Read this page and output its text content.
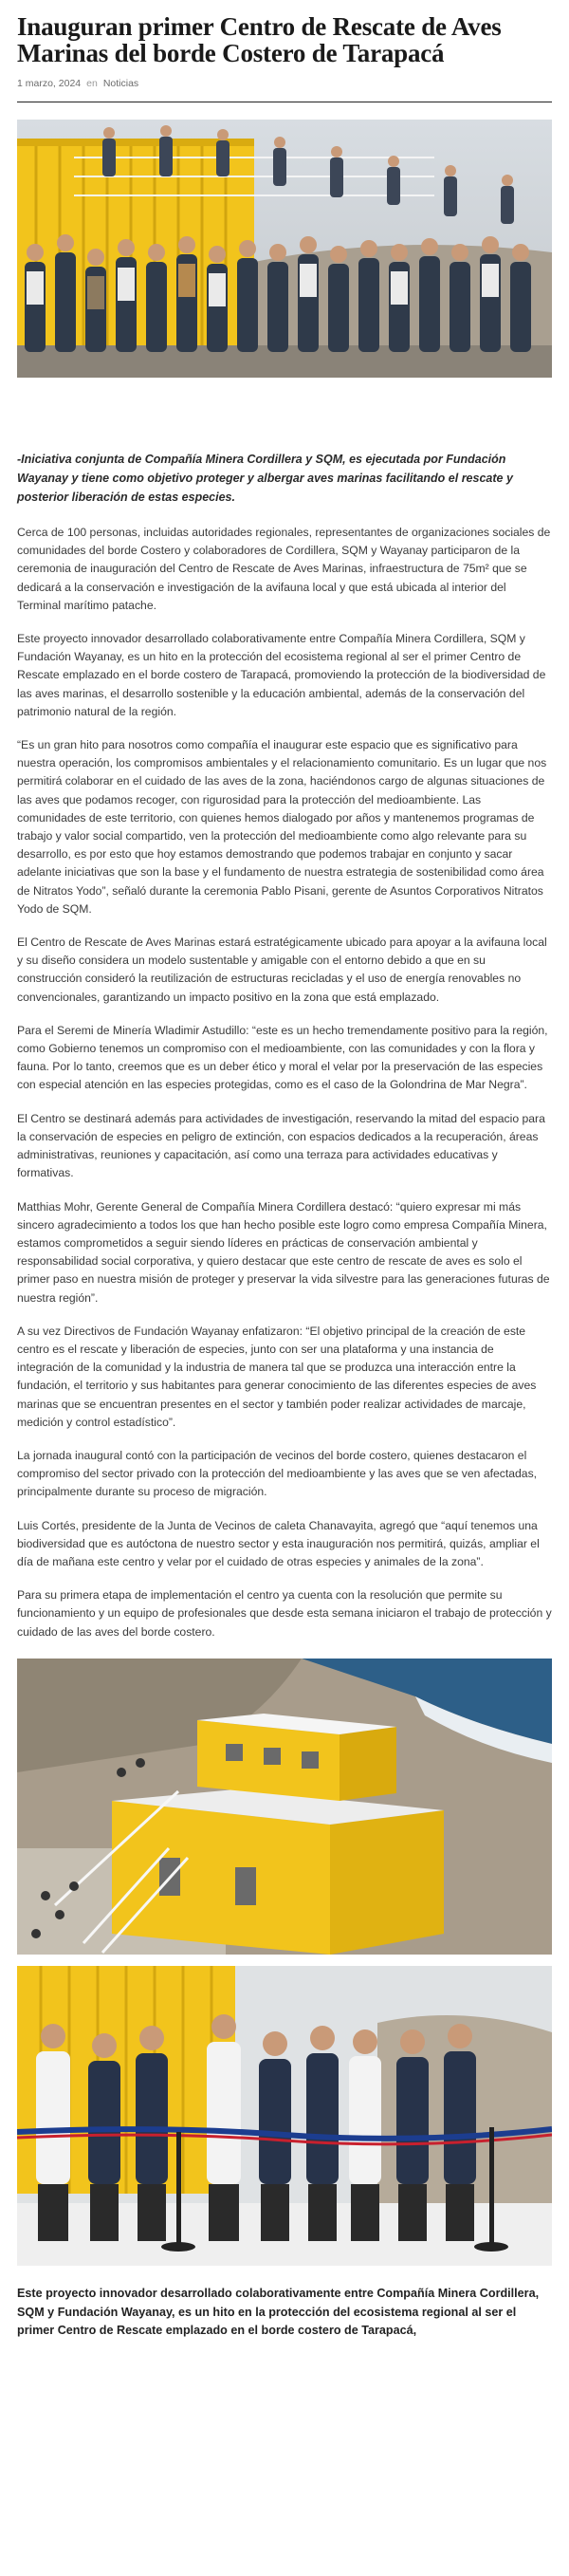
Inauguran primer Centro de Rescate de Aves Marinas del borde Costero de Tarapacá
1 marzo, 2024 en Noticias

-Iniciativa conjunta de Compañía Minera Cordillera y SQM, es ejecutada por Fundación Wayanay y tiene como objetivo proteger y albergar aves marinas facilitando el rescate y posterior liberación de estas especies.

Cerca de 100 personas, incluidas autoridades regionales, representantes de organizaciones sociales de comunidades del borde Costero y colaboradores de Cordillera, SQM y Wayanay participaron de la ceremonia de inauguración del Centro de Rescate de Aves Marinas, infraestructura de 75m² que se dedicará a la conservación e investigación de la avifauna local y que está ubicada al interior del Terminal marítimo patache.

Este proyecto innovador desarrollado colaborativamente entre Compañía Minera Cordillera, SQM y Fundación Wayanay, es un hito en la protección del ecosistema regional al ser el primer Centro de Rescate emplazado en el borde costero de Tarapacá, promoviendo la protección de la biodiversidad de las aves marinas, el desarrollo sostenible y la educación ambiental, además de la conservación del patrimonio natural de la región.

“Es un gran hito para nosotros como compañía el inaugurar este espacio que es significativo para nuestra operación, los compromisos ambientales y el relacionamiento comunitario. Es un lugar que nos permitirá colaborar en el cuidado de las aves de la zona, haciéndonos cargo de algunas situaciones de las aves que podamos recoger, con rigurosidad para la protección del medioambiente. Las comunidades de este territorio, con quienes hemos dialogado por años y mantenemos programas de trabajo y valor social compartido, ven la protección del medioambiente como algo relevante para su desarrollo, es por esto que hoy estamos demostrando que podemos trabajar en conjunto y sacar adelante iniciativas que son la base y el fundamento de nuestra estrategia de sostenibilidad como área de Nitratos Yodo”, señaló durante la ceremonia Pablo Pisani, gerente de Asuntos Corporativos Nitratos Yodo de SQM.

El Centro de Rescate de Aves Marinas estará estratégicamente ubicado para apoyar a la avifauna local y su diseño considera un modelo sustentable y amigable con el entorno debido a que en su construcción consideró la reutilización de estructuras recicladas y el uso de energía renovables no convencionales, garantizando un impacto positivo en la zona que está emplazado.

Para el Seremi de Minería Wladimir Astudillo: “este es un hecho tremendamente positivo para la región, como Gobierno tenemos un compromiso con el medioambiente, con las comunidades y con la flora y fauna. Por lo tanto, creemos que es un deber ético y moral el velar por la preservación de las especies con especial atención en las especies protegidas, como es el caso de la Golondrina de Mar Negra”.

El Centro se destinará además para actividades de investigación, reservando la mitad del espacio para la conservación de especies en peligro de extinción, con espacios dedicados a la recuperación, áreas administrativas, reuniones y capacitación, así como una terraza para actividades educativas y formativas.

Matthias Mohr, Gerente General de Compañía Minera Cordillera destacó: “quiero expresar mi más sincero agradecimiento a todos los que han hecho posible este logro como empresa Compañía Minera, estamos comprometidos a seguir siendo líderes en prácticas de conservación ambiental y responsabilidad social corporativa, y quiero destacar que este centro de rescate de aves es solo el primer paso en nuestra misión de proteger y preservar la vida silvestre para las generaciones futuras de nuestra región”.

A su vez Directivos de Fundación Wayanay enfatizaron: “El objetivo principal de la creación de este centro es el rescate y liberación de especies, junto con ser una plataforma y una instancia de integración de la comunidad y la industria de manera tal que se produzca una interacción entre la fundación, el territorio y sus habitantes para generar conocimiento de las diferentes especies de aves marinas que se encuentran presentes en el sector y también poder realizar actividades de marcaje, medición y control estadístico”.

La jornada inaugural contó con la participación de vecinos del borde costero, quienes destacaron el compromiso del sector privado con la protección del medioambiente y las aves que se ven afectadas, principalmente durante su proceso de migración.

Luis Cortés, presidente de la Junta de Vecinos de caleta Chanavayita, agregó que “aquí tenemos una biodiversidad que es autóctona de nuestro sector y esta inauguración nos permitirá, quizás, ampliar el día de mañana este centro y velar por el cuidado de otras especies y animales de la zona”.

Para su primera etapa de implementación el centro ya cuenta con la resolución que permite su funcionamiento y un equipo de profesionales que desde esta semana iniciaron el trabajo de protección y cuidado de las aves del borde costero.

Este proyecto innovador desarrollado colaborativamente entre Compañía Minera Cordillera, SQM y Fundación Wayanay, es un hito en la protección del ecosistema regional al ser el primer Centro de Rescate emplazado en el borde costero de Tarapacá,
